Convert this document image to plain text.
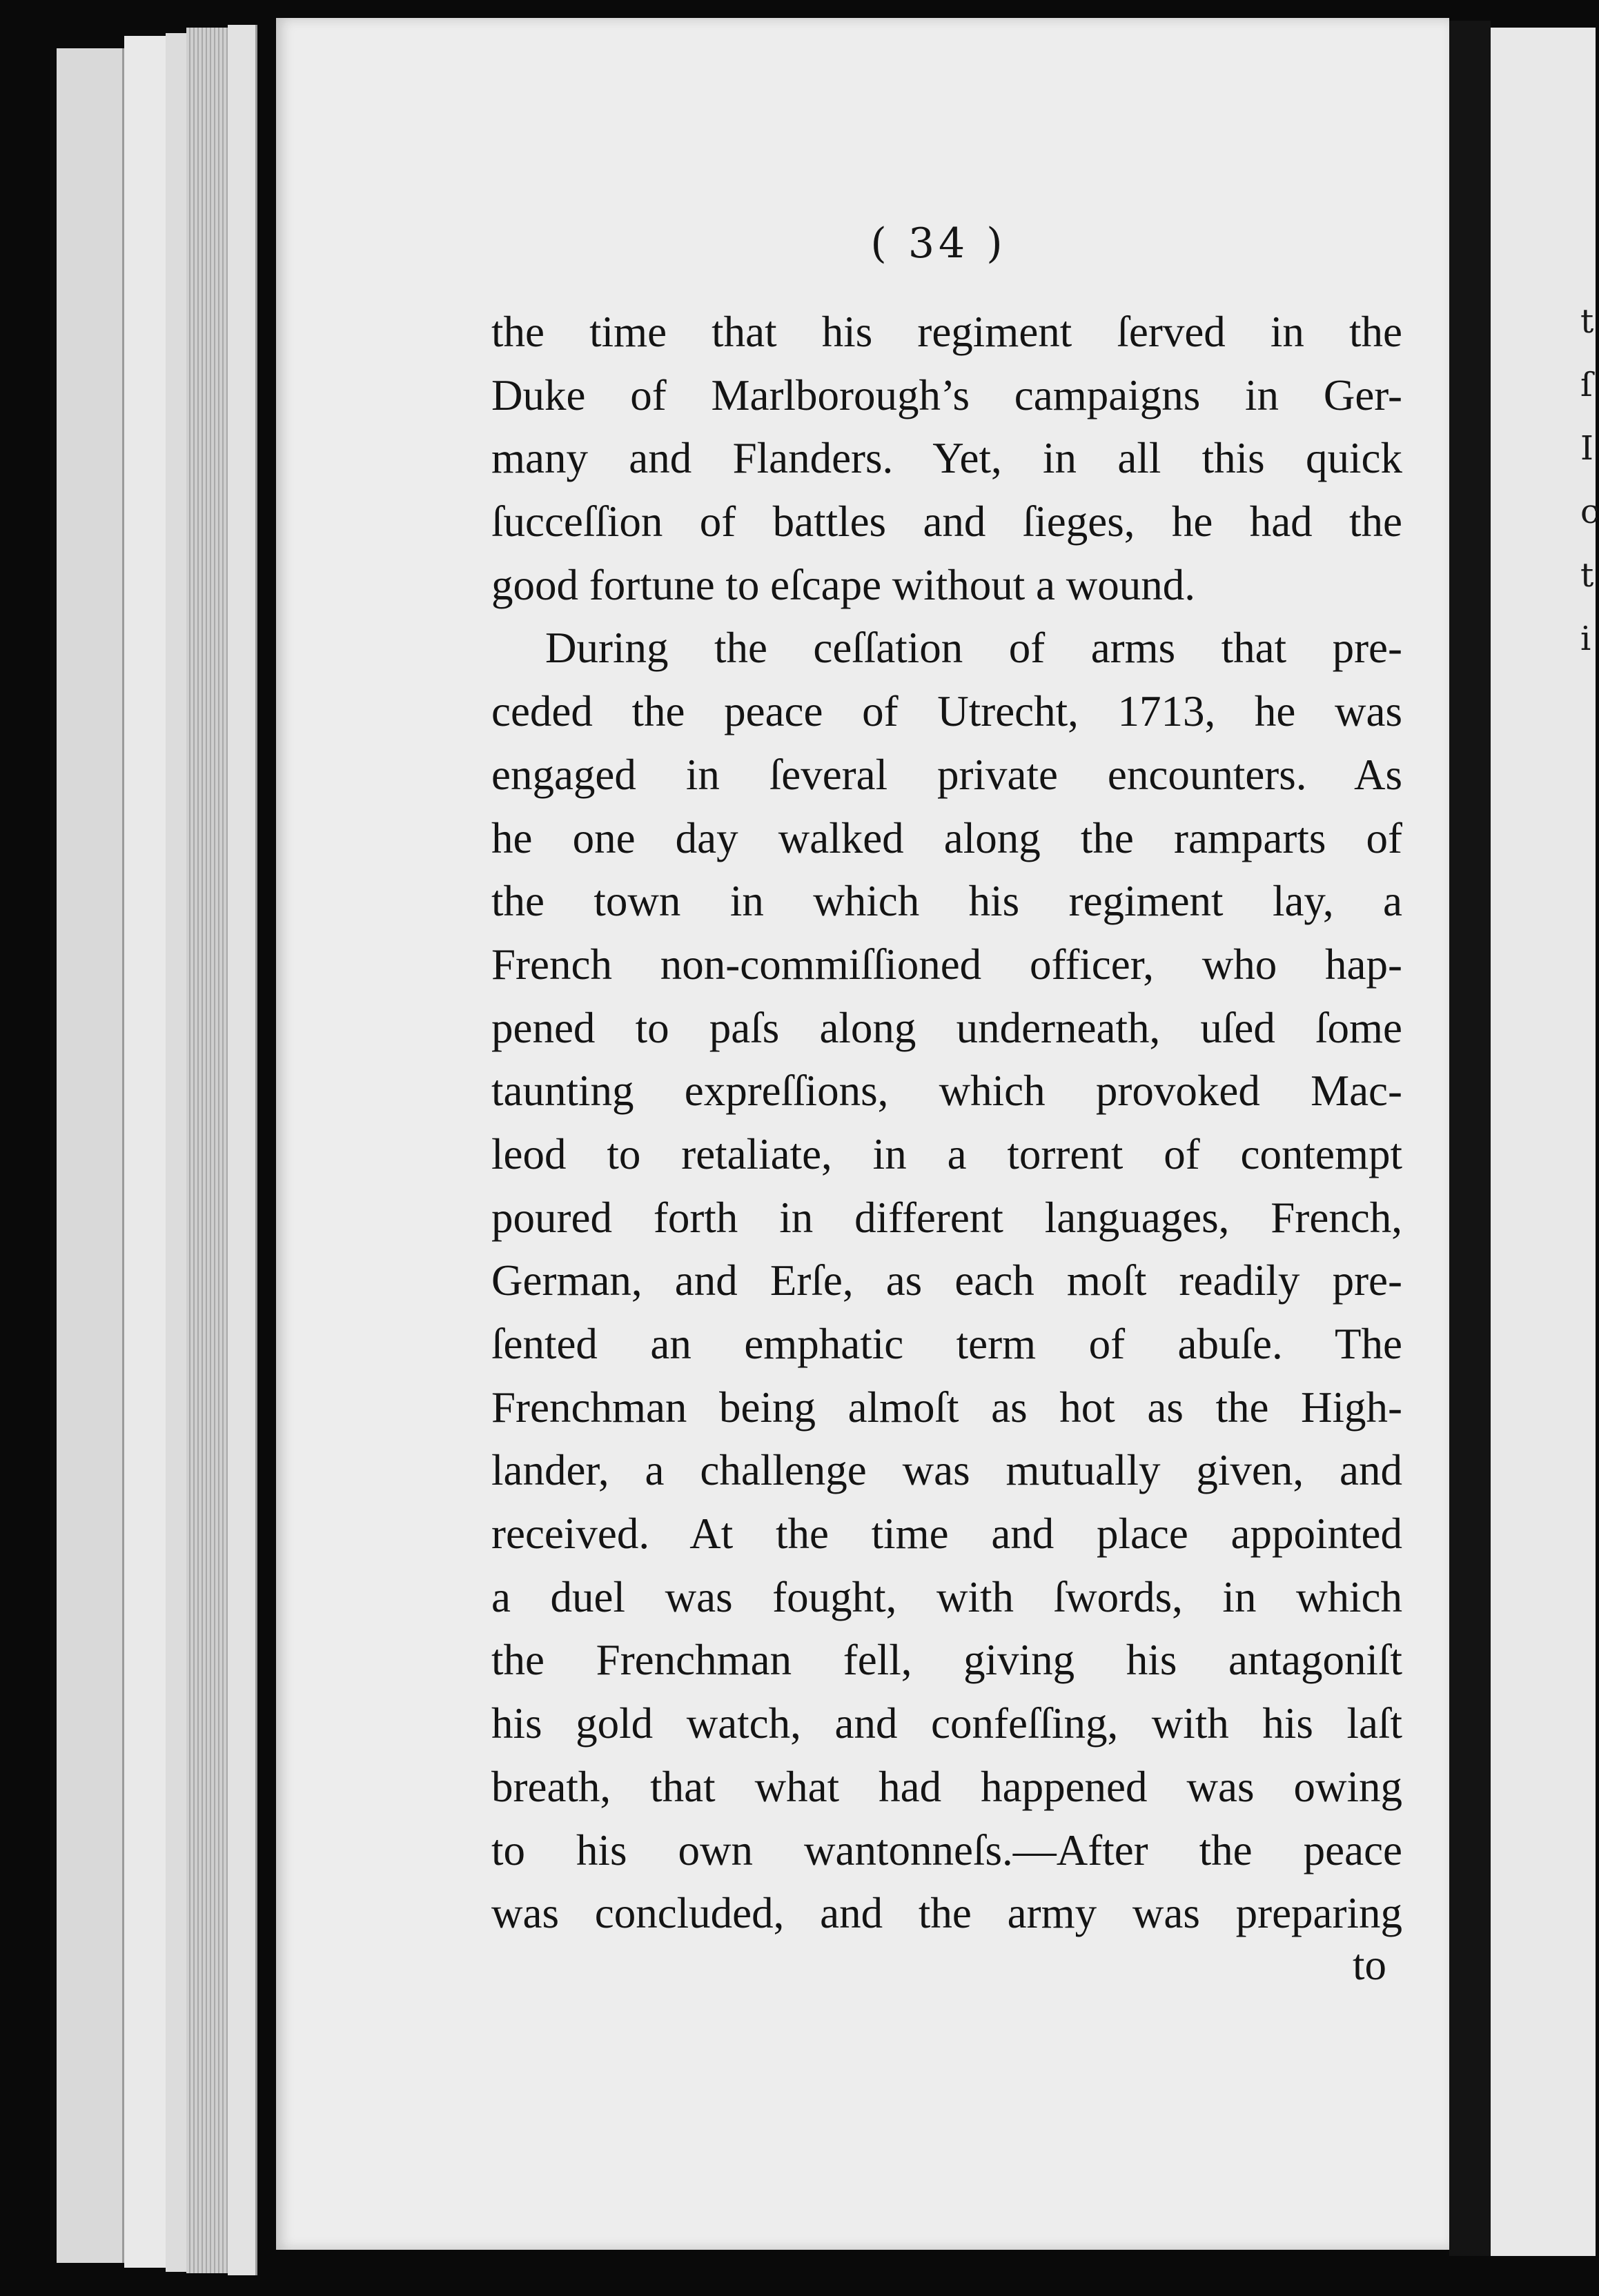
( 34 )
the time that his regiment ſerved in the
Duke of Marlborough’s campaigns in Ger-
many and Flanders. Yet, in all this quick
ſucceſſion of battles and ſieges, he had the
good fortune to eſcape without a wound.
During the ceſſation of arms that pre-
ceded the peace of Utrecht, 1713, he was
engaged in ſeveral private encounters. As
he one day walked along the ramparts of
the town in which his regiment lay, a
French non-commiſſioned officer, who hap-
pened to paſs along underneath, uſed ſome
taunting expreſſions, which provoked Mac-
leod to retaliate, in a torrent of contempt
poured forth in different languages, French,
German, and Erſe, as each moſt readily pre-
ſented an emphatic term of abuſe. The
Frenchman being almoſt as hot as the High-
lander, a challenge was mutually given, and
received. At the time and place appointed
a duel was fought, with ſwords, in which
the Frenchman fell, giving his antagoniſt
his gold watch, and confeſſing, with his laſt
breath, that what had happened was owing
to his own wantonneſs.—After the peace
was concluded, and the army was preparing
to
t
ſ
I
c
t
i
